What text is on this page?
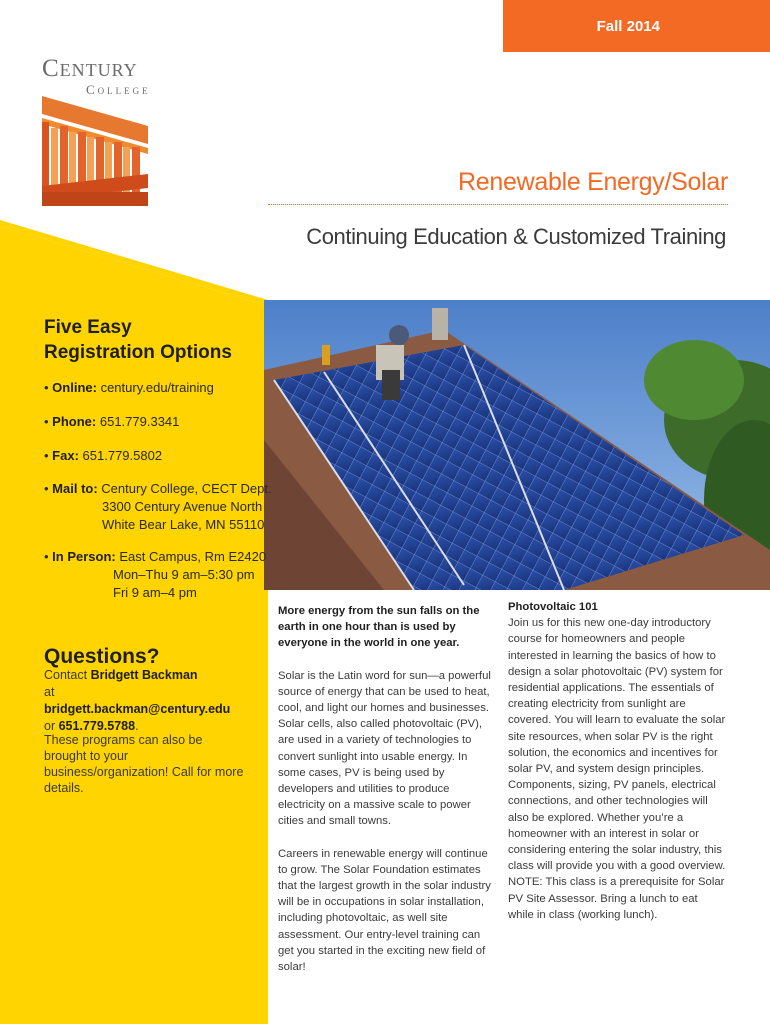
Fall 2014
Century
College
Renewable Energy/Solar
Continuing Education & Customized Training
Five Easy
Registration Options
• Online: century.edu/training
• Phone: 651.779.3341
• Fax: 651.779.5802
• Mail to: Century College, CECT Dept.
3300 Century Avenue North
White Bear Lake, MN 55110
• In Person: East Campus, Rm E2420
Mon–Thu 9 am–5:30 pm
Fri 9 am–4 pm
Questions?
Contact Bridgett Backman
at bridgett.backman@century.edu
or 651.779.5788.
These programs can also be brought to your business/organization! Call for more details.

More energy from the sun falls on the earth in one hour than is used by everyone in the world in one year.

Solar is the Latin word for sun—a powerful source of energy that can be used to heat, cool, and light our homes and businesses. Solar cells, also called photovoltaic (PV), are used in a variety of technologies to convert sunlight into usable energy. In some cases, PV is being used by developers and utilities to produce electricity on a massive scale to power cities and small towns.

Careers in renewable energy will continue to grow. The Solar Foundation estimates that the largest growth in the solar industry will be in occupations in solar installation, including photovoltaic, as well site assessment. Our entry-level training can get you started in the exciting new field of solar!

Photovoltaic 101

Join us for this new one-day introductory course for homeowners and people interested in learning the basics of how to design a solar photovoltaic (PV) system for residential applications. The essentials of creating electricity from sunlight are covered. You will learn to evaluate the solar site resources, when solar PV is the right solution, the economics and incentives for solar PV, and system design principles. Components, sizing, PV panels, electrical connections, and other technologies will also be explored. Whether you’re a homeowner with an interest in solar or considering entering the solar industry, this class will provide you with a good overview. NOTE: This class is a prerequisite for Solar PV Site Assessor. Bring a lunch to eat while in class (working lunch).
